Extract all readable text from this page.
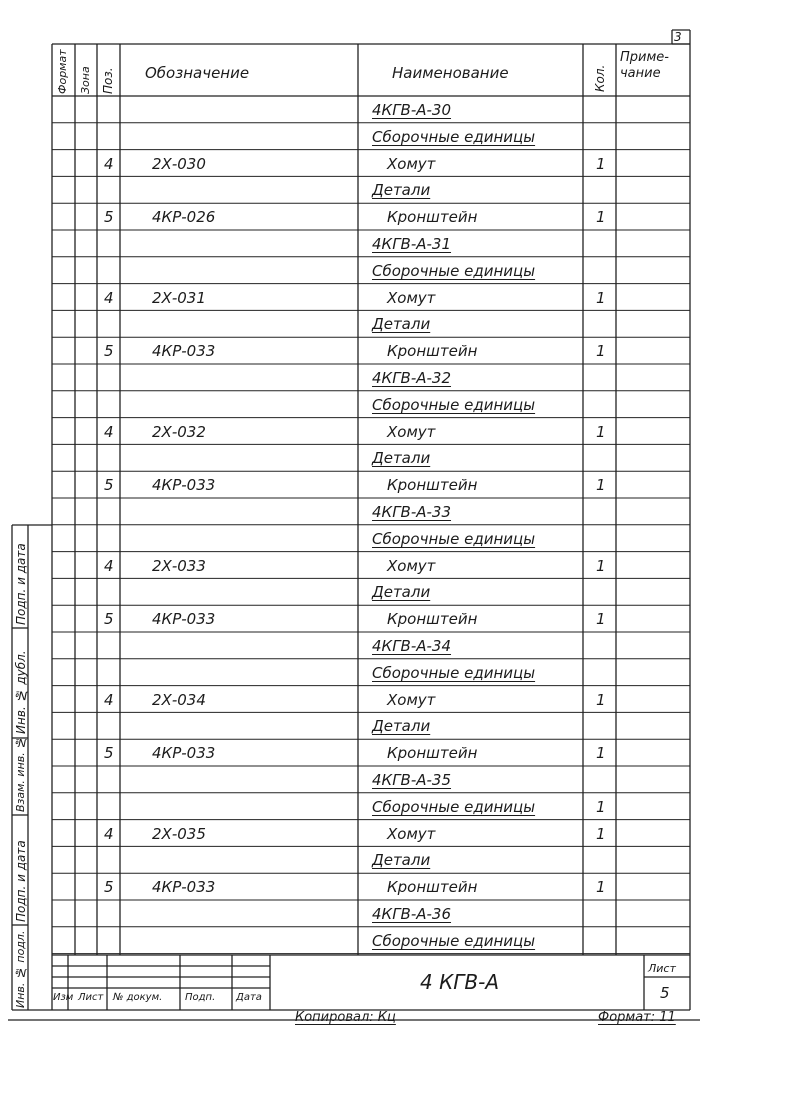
3
Формат Зона Поз. Обозначение	Наименование	Кол.
Приме-
чание
4КГВ-А-30
Сборочные единицы
4	2Х-030	Хомут	1
Детали
5	4КР-026	Кронштейн	1
4КГВ-А-31
Сборочные единицы
4	2Х-031	Хомут	1
Детали
5	4КР-033	Кронштейн	1
4КГВ-А-32
Сборочные единицы
4	2Х-032	Хомут	1
Детали
5	4КР-033	Кронштейн	1
4КГВ-А-33
Сборочные единицы
4	2Х-033	Хомут	1
Детали
5	4КР-033	Кронштейн	1
4КГВ-А-34
Сборочные единицы
4	2Х-034	Хомут	1
Детали
5	4КР-033	Кронштейн	1
4КГВ-А-35
Сборочные единицы	1
4	2Х-035	Хомут	1
Детали
5	4КР-033	Кронштейн	1
4КГВ-А-36
Сборочные единицы
Подп. и дата
Инв. № дубл.
Взам. инв. №
Подп. и дата
Инв. № подл.	4 КГВ-А
Лист
5
Изм Лист № докум. Подп. Дата
Копировал: Кц	Формат: 11
